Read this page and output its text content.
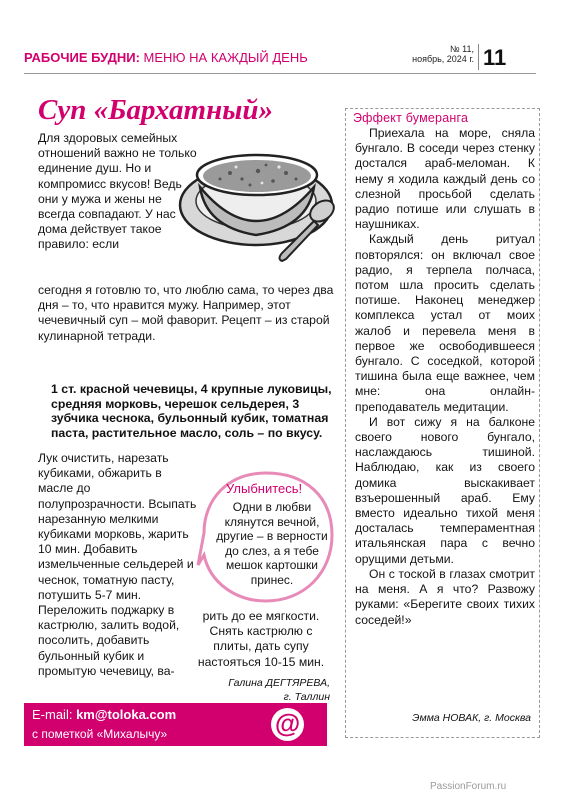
РАБОЧИЕ БУДНИ: МЕНЮ НА КАЖДЫЙ ДЕНЬ
№ 11,
ноябрь, 2024 г. 11
Суп «Бархатный»

Для здоровых семейных отношений важно не только единение душ. Но и компромисс вкусов! Ведь они у мужа и жены не всегда совпадают. У нас дома действует такое правило: если

сегодня я готовлю то, что люблю сама, то через два дня – то, что нравится мужу. Например, этот чечевичный суп – мой фаворит. Рецепт – из старой кулинарной тетради.

1 ст. красной чечевицы, 4 крупные луковицы, средняя морковь, черешок сельдерея, 3 зубчика чеснока, бульонный кубик, томатная паста, растительное масло, соль – по вкусу.

Лук очистить, нарезать кубиками, обжарить в масле до полупрозрачности. Всыпать нарезанную мелкими кубиками морковь, жарить 10 мин. Добавить измельченные сельдерей и чеснок, томатную пасту, потушить 5-7 мин. Переложить поджарку в кастрюлю, залить водой, посолить, добавить бульонный кубик и промытую чечевицу, ва-

рить до ее мягкости. Снять кастрюлю с плиты, дать супу настояться 10-15 мин.

Галина ДЕГТЯРЕВА,
г. Таллин
Улыбнитесь!
Одни в любви клянутся вечной, другие – в верности до слез, а я тебе мешок картошки принес.
Эффект бумеранга

Приехала на море, сняла бунгало. В соседи через стенку достался араб-меломан. К нему я ходила каждый день со слезной просьбой сделать радио потише или слушать в наушниках.

Каждый день ритуал повторялся: он включал свое радио, я терпела полчаса, потом шла просить сделать потише. Наконец менеджер комплекса устал от моих жалоб и перевела меня в первое же освободившееся бунгало. С соседкой, которой тишина была еще важнее, чем мне: она онлайн-преподаватель медитации.

И вот сижу я на балконе своего нового бунгало, наслаждаюсь тишиной. Наблюдаю, как из своего домика выскакивает взъерошенный араб. Ему вместо идеально тихой меня досталась темпераментная итальянская пара с вечно орущими детьми.

Он с тоской в глазах смотрит на меня. А я что? Развожу руками: «Берегите своих тихих соседей!»

Эмма НОВАК, г. Москва
E-mail: km@toloka.com
с пометкой «Михалычу»	@
PassionForum.ru
